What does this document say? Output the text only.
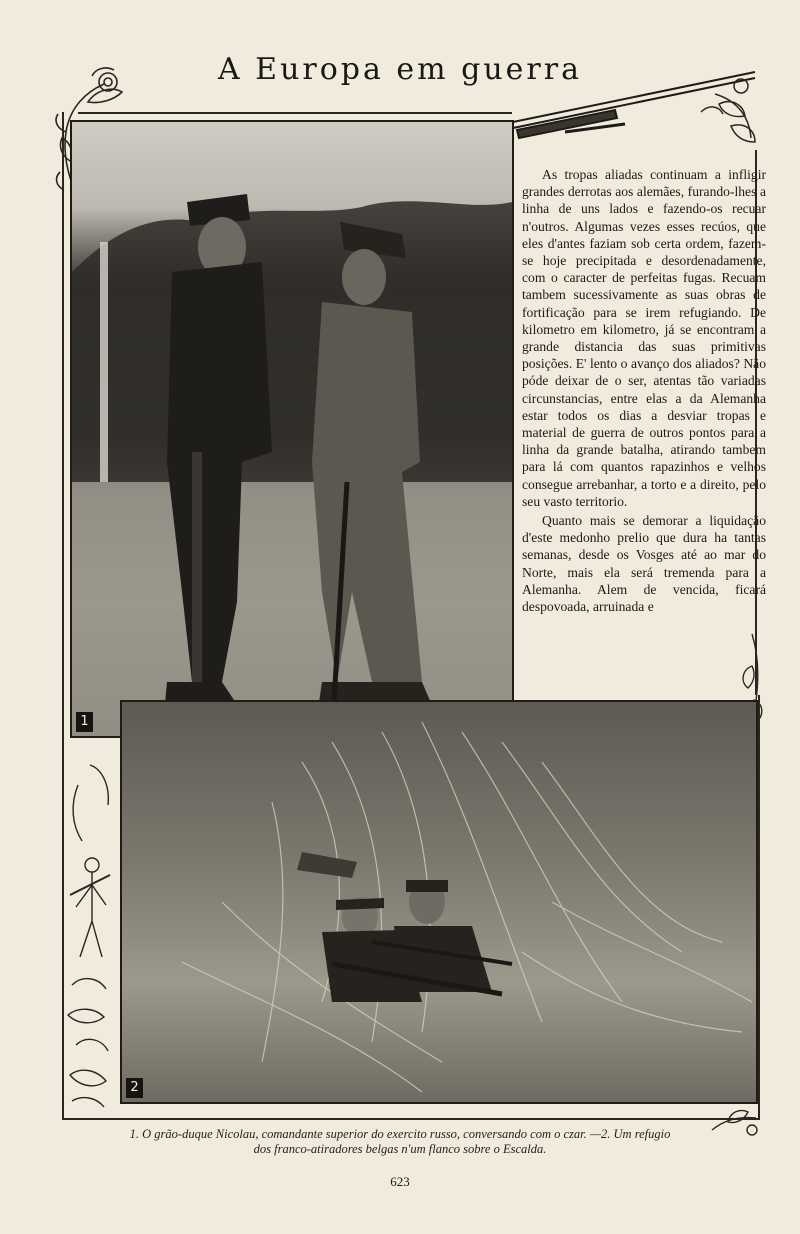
A Europa em guerra
1
2

As tropas aliadas continuam a infligir grandes derrotas aos alemães, furando-lhes a linha de uns lados e fazendo-os recuar n'outros. Algumas vezes esses recúos, que eles d'antes faziam sob certa ordem, fazem-se hoje precipitada e desordenadamente, com o caracter de perfeitas fugas. Recuam tambem sucessivamente as suas obras de fortificação para se irem refugiando. De kilometro em kilometro, já se encontram a grande distancia das suas primitivas posições. E' lento o avanço dos aliados? Não póde deixar de o ser, atentas tão variadas circunstancias, entre elas a da Alemanha estar todos os dias a desviar tropas e material de guerra de outros pontos para a linha da grande batalha, atirando tambem para lá com quantos rapazinhos e velhos consegue arrebanhar, a torto e a direito, pelo seu vasto territorio.

Quanto mais se demorar a liquidação d'este medonho prelio que dura ha tantas semanas, desde os Vosges até ao mar do Norte, mais ela será tremenda para a Alemanha. Alem de vencida, ficará despovoada, arruinada e

1. O grão-duque Nicolau, comandante superior do exercito russo, conversando com o czar. —2. Um refugio
dos franco-atiradores belgas n'um flanco sobre o Escalda.
623
